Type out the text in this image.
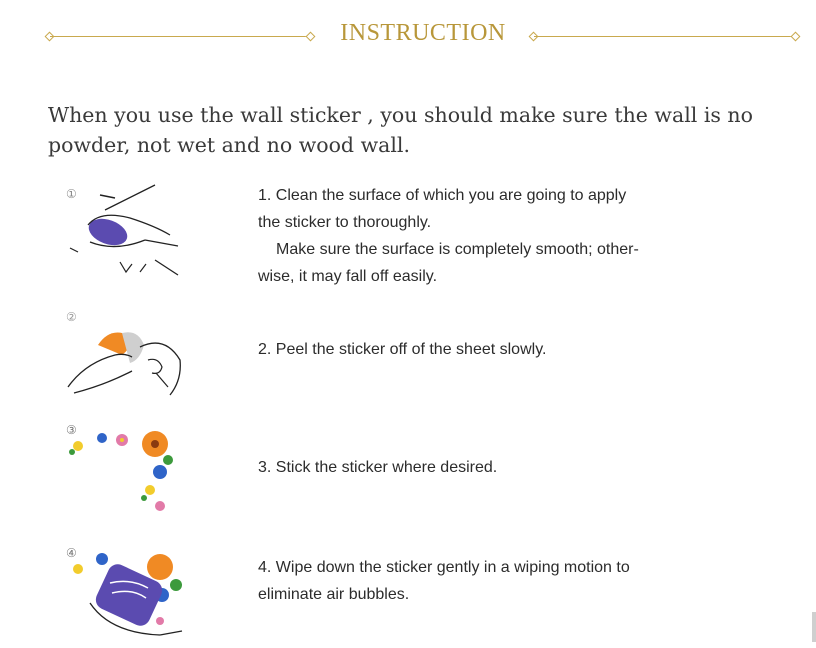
INSTRUCTION
When you use the wall sticker , you should make sure the wall is no powder, not wet and no wood wall.
①	1. Clean the surface of which you are going to apply

the sticker to thoroughly.

Make sure the surface is completely smooth; other-

wise, it may fall off easily.

②

2. Peel the sticker off of the sheet slowly.

③

3. Stick the sticker where desired.

④

4. Wipe down the sticker gently in a wiping motion to

eliminate air bubbles.
